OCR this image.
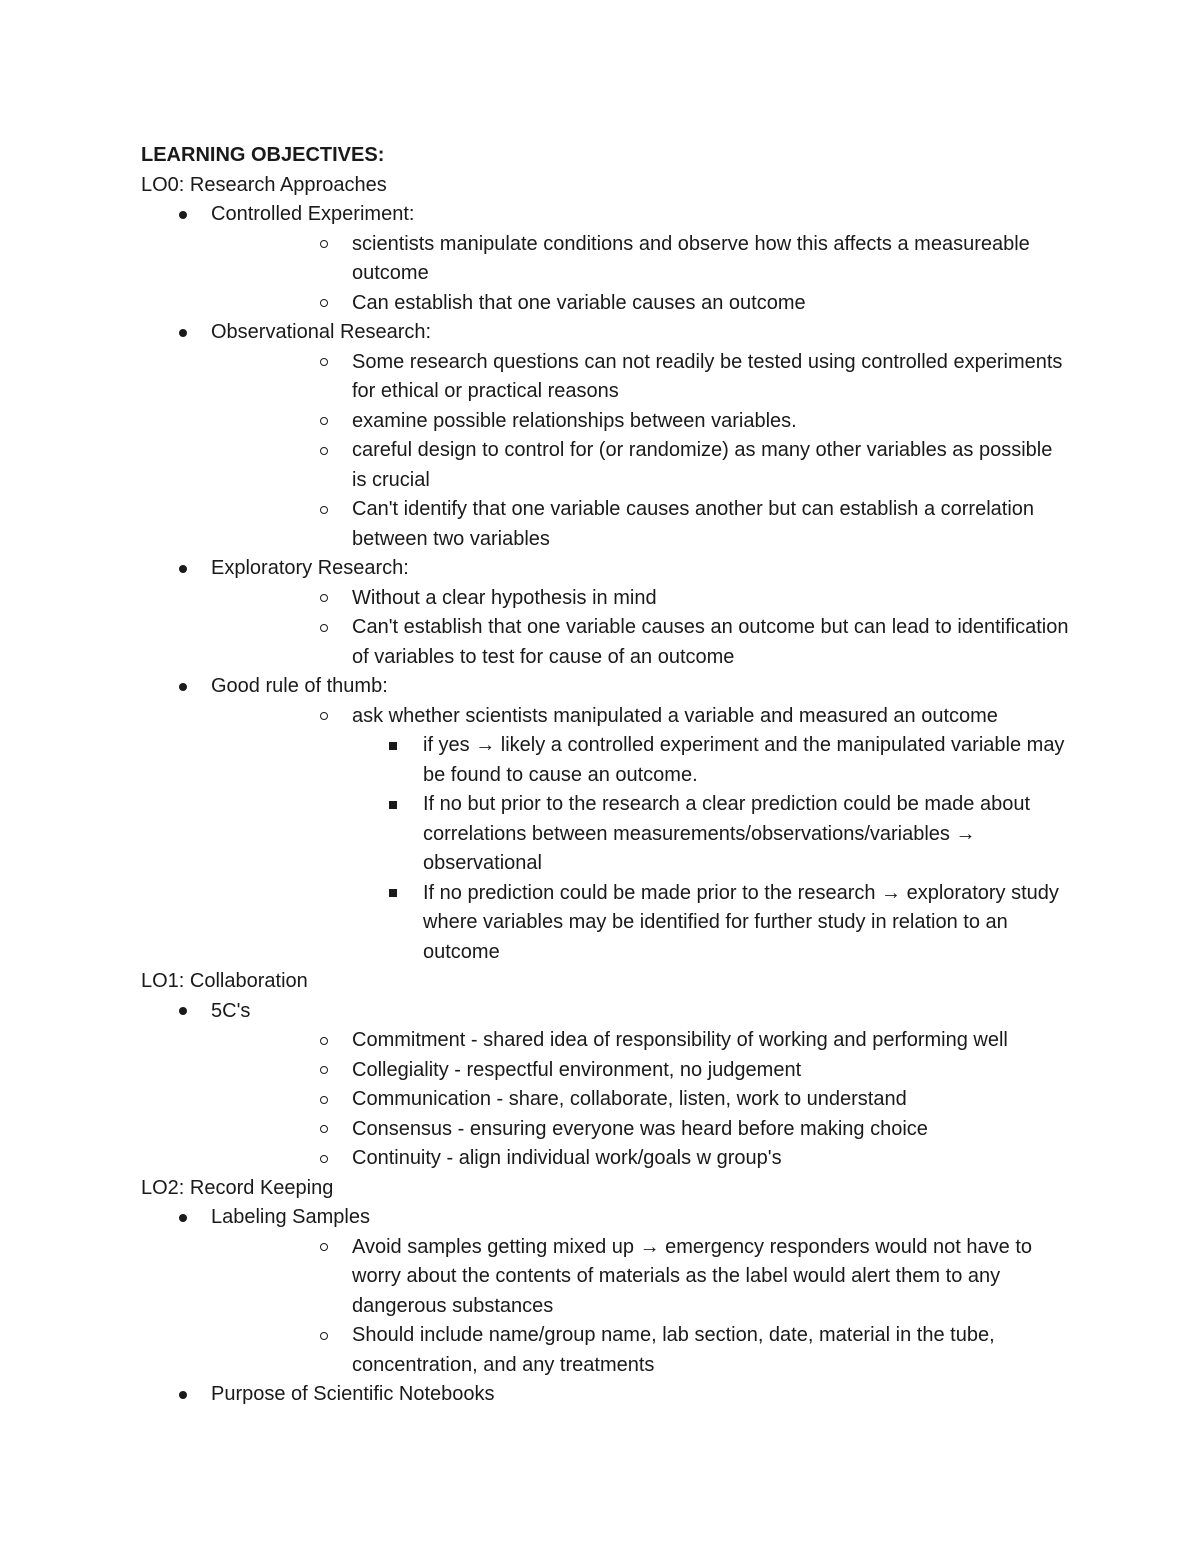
LEARNING OBJECTIVES:
LO0: Research Approaches
Controlled Experiment:
scientists manipulate conditions and observe how this affects a measureable outcome
Can establish that one variable causes an outcome
Observational Research:
Some research questions can not readily be tested using controlled experiments for ethical or practical reasons
examine possible relationships between variables.
careful design to control for (or randomize) as many other variables as possible is crucial
Can't identify that one variable causes another but can establish a correlation between two variables
Exploratory Research:
Without a clear hypothesis in mind
Can't establish that one variable causes an outcome but can lead to identification of variables to test for cause of an outcome
Good rule of thumb:
ask whether scientists manipulated a variable and measured an outcome
if yes → likely a controlled experiment and the manipulated variable may be found to cause an outcome.
If no but prior to the research a clear prediction could be made about correlations between measurements/observations/variables → observational
If no prediction could be made prior to the research → exploratory study where variables may be identified for further study in relation to an outcome
LO1: Collaboration
5C's
Commitment - shared idea of responsibility of working and performing well
Collegiality - respectful environment, no judgement
Communication - share, collaborate, listen, work to understand
Consensus - ensuring everyone was heard before making choice
Continuity - align individual work/goals w group's
LO2: Record Keeping
Labeling Samples
Avoid samples getting mixed up → emergency responders would not have to worry about the contents of materials as the label would alert them to any dangerous substances
Should include name/group name, lab section, date, material in the tube, concentration, and any treatments
Purpose of Scientific Notebooks
